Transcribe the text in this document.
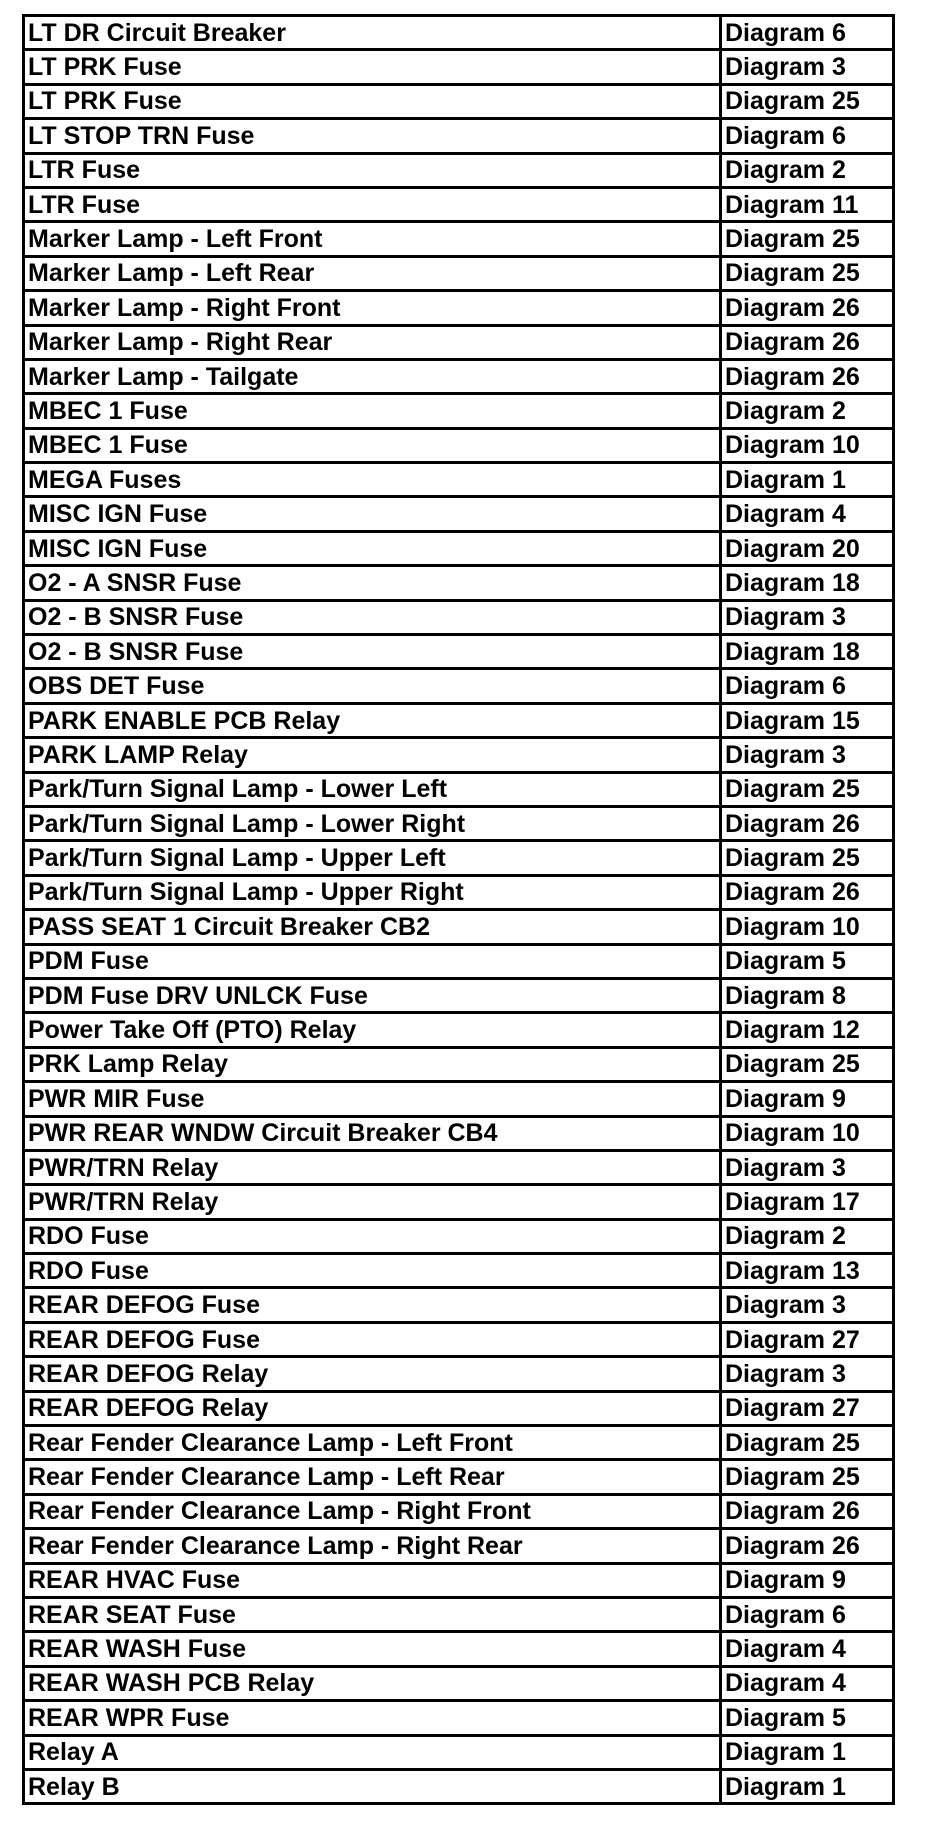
LT DR Circuit Breaker	Diagram 6
LT PRK Fuse	Diagram 3
LT PRK Fuse	Diagram 25
LT STOP TRN Fuse	Diagram 6
LTR Fuse	Diagram 2
LTR Fuse	Diagram 11
Marker Lamp - Left Front	Diagram 25
Marker Lamp - Left Rear	Diagram 25
Marker Lamp - Right Front	Diagram 26
Marker Lamp - Right Rear	Diagram 26
Marker Lamp - Tailgate	Diagram 26
MBEC 1 Fuse	Diagram 2
MBEC 1 Fuse	Diagram 10
MEGA Fuses	Diagram 1
MISC IGN Fuse	Diagram 4
MISC IGN Fuse	Diagram 20
O2 - A SNSR Fuse	Diagram 18
O2 - B SNSR Fuse	Diagram 3
O2 - B SNSR Fuse	Diagram 18
OBS DET Fuse	Diagram 6
PARK ENABLE PCB Relay	Diagram 15
PARK LAMP Relay	Diagram 3
Park/Turn Signal Lamp - Lower Left	Diagram 25
Park/Turn Signal Lamp - Lower Right	Diagram 26
Park/Turn Signal Lamp - Upper Left	Diagram 25
Park/Turn Signal Lamp - Upper Right	Diagram 26
PASS SEAT 1 Circuit Breaker CB2	Diagram 10
PDM Fuse	Diagram 5
PDM Fuse DRV UNLCK Fuse	Diagram 8
Power Take Off (PTO) Relay	Diagram 12
PRK Lamp Relay	Diagram 25
PWR MIR Fuse	Diagram 9
PWR REAR WNDW Circuit Breaker CB4	Diagram 10
PWR/TRN Relay	Diagram 3
PWR/TRN Relay	Diagram 17
RDO Fuse	Diagram 2
RDO Fuse	Diagram 13
REAR DEFOG Fuse	Diagram 3
REAR DEFOG Fuse	Diagram 27
REAR DEFOG Relay	Diagram 3
REAR DEFOG Relay	Diagram 27
Rear Fender Clearance Lamp - Left Front	Diagram 25
Rear Fender Clearance Lamp - Left Rear	Diagram 25
Rear Fender Clearance Lamp - Right Front	Diagram 26
Rear Fender Clearance Lamp - Right Rear	Diagram 26
REAR HVAC Fuse	Diagram 9
REAR SEAT Fuse	Diagram 6
REAR WASH Fuse	Diagram 4
REAR WASH PCB Relay	Diagram 4
REAR WPR Fuse	Diagram 5
Relay A	Diagram 1
Relay B	Diagram 1
